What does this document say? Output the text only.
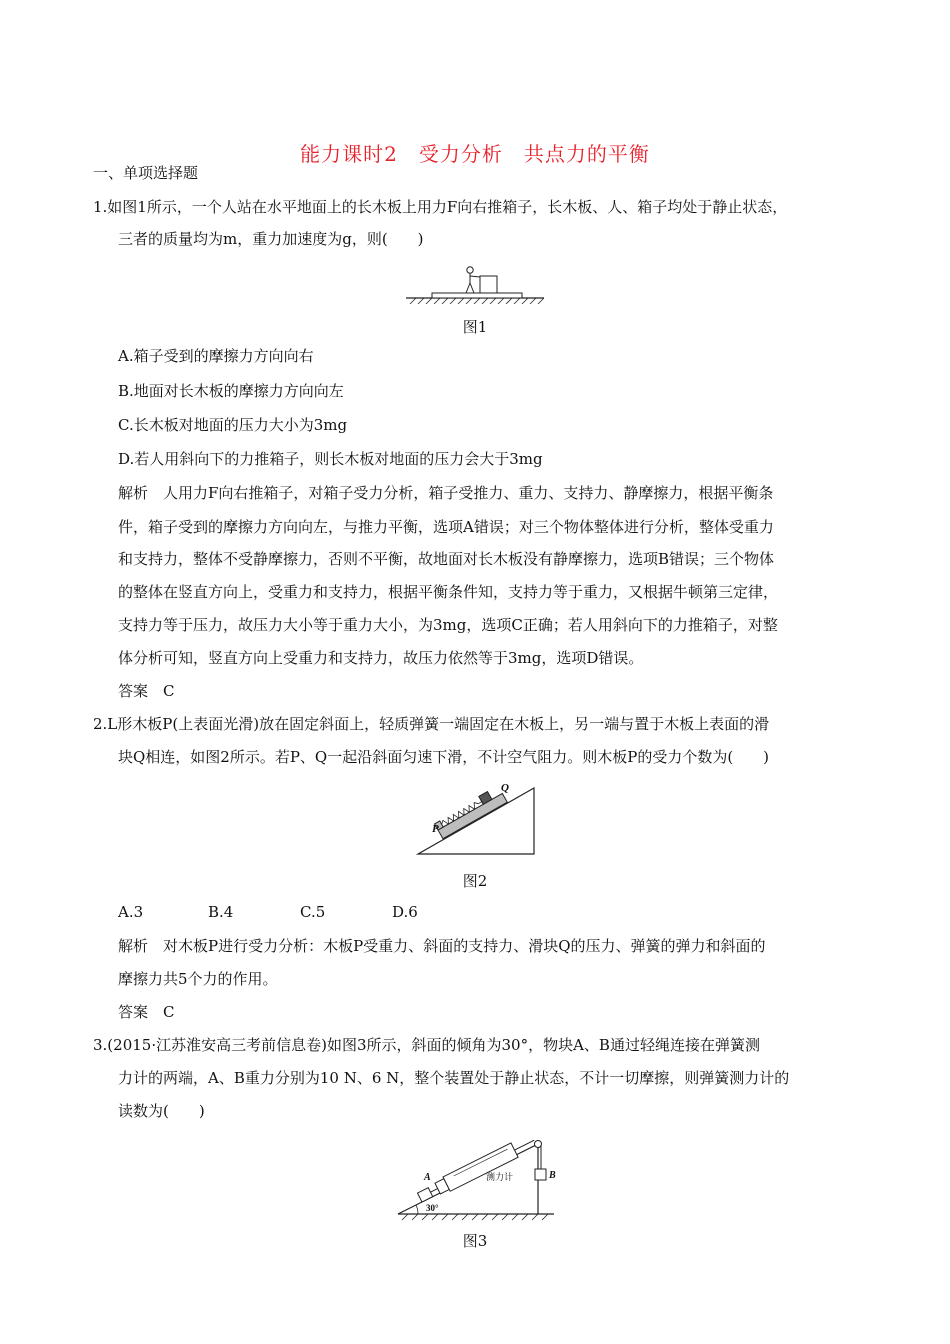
能力课时2　受力分析　共点力的平衡
一、单项选择题
1.如图1所示，一个人站在水平地面上的长木板上用力F向右推箱子，长木板、人、箱子均处于静止状态，
三者的质量均为m，重力加速度为g，则(　　)
图1
A.箱子受到的摩擦力方向向右
B.地面对长木板的摩擦力方向向左
C.长木板对地面的压力大小为3mg
D.若人用斜向下的力推箱子，则长木板对地面的压力会大于3mg
解析　人用力F向右推箱子，对箱子受力分析，箱子受推力、重力、支持力、静摩擦力，根据平衡条
件，箱子受到的摩擦力方向向左，与推力平衡，选项A错误；对三个物体整体进行分析，整体受重力
和支持力，整体不受静摩擦力，否则不平衡，故地面对长木板没有静摩擦力，选项B错误；三个物体
的整体在竖直方向上，受重力和支持力，根据平衡条件知，支持力等于重力，又根据牛顿第三定律，
支持力等于压力，故压力大小等于重力大小，为3mg，选项C正确；若人用斜向下的力推箱子，对整
体分析可知，竖直方向上受重力和支持力，故压力依然等于3mg，选项D错误。
答案　C
2.L形木板P(上表面光滑)放在固定斜面上，轻质弹簧一端固定在木板上，另一端与置于木板上表面的滑
块Q相连，如图2所示。若P、Q一起沿斜面匀速下滑，不计空气阻力。则木板P的受力个数为(　　)
P
Q
图2
A.3	B.4	C.5	D.6
解析　对木板P进行受力分析：木板P受重力、斜面的支持力、滑块Q的压力、弹簧的弹力和斜面的
摩擦力共5个力的作用。
答案　C
3.(2015·江苏淮安高三考前信息卷)如图3所示，斜面的倾角为30°，物块A、B通过轻绳连接在弹簧测
力计的两端，A、B重力分别为10 N、6 N，整个装置处于静止状态，不计一切摩擦，则弹簧测力计的
读数为(　　)
A	B
测力计
30°
图3
